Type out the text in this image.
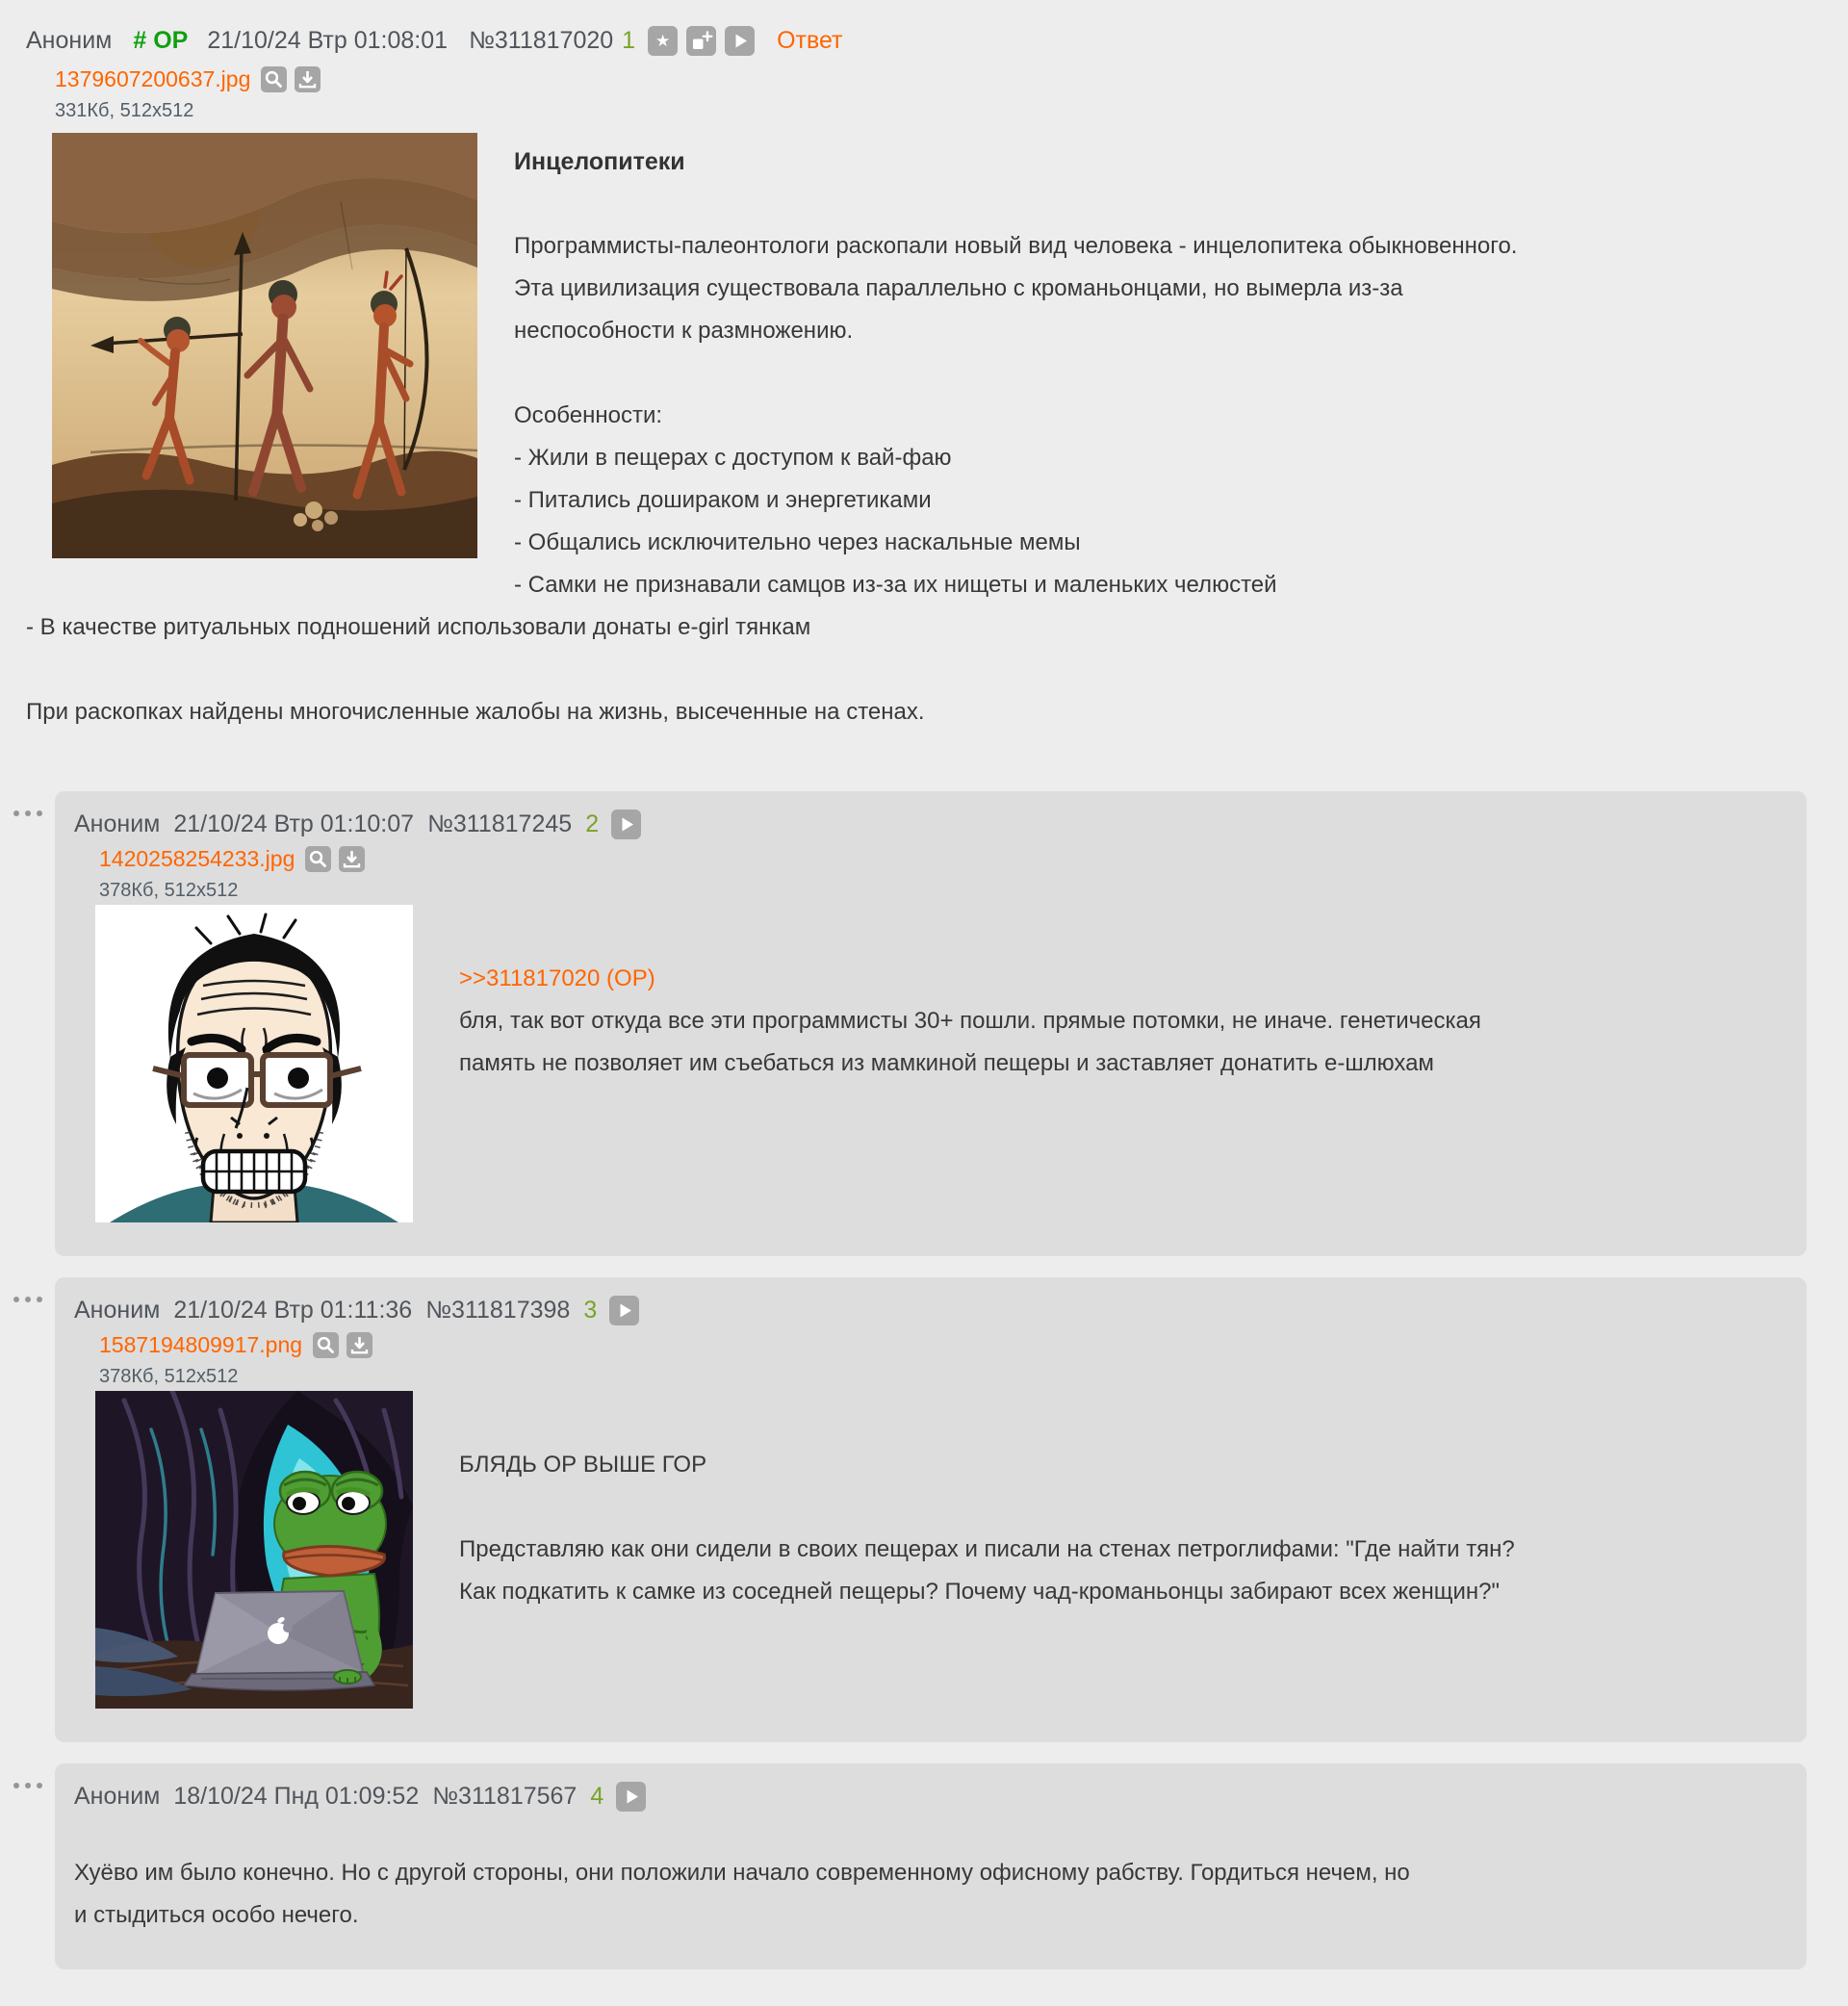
Аноним # OP 21/10/24 Втр 01:08:01 №311817020 1 ★	Ответ
1379607200637.jpg
331Кб, 512x512
Инцелопитеки
Программисты-палеонтологи раскопали новый вид человека - инцелопитека обыкновенного.
Эта цивилизация существовала параллельно с кроманьонцами, но вымерла из-за
неспособности к размножению.
Особенности:
- Жили в пещерах с доступом к вай-фаю
- Питались дошираком и энергетиками
- Общались исключительно через наскальные мемы
- Самки не признавали самцов из-за их нищеты и маленьких челюстей
- В качестве ритуальных подношений использовали донаты e-girl тянкам
При раскопках найдены многочисленные жалобы на жизнь, высеченные на стенах.
Аноним 21/10/24 Втр 01:10:07 №311817245 2
1420258254233.jpg
378Кб, 512x512
>>311817020 (OP)
бля, так вот откуда все эти программисты 30+ пошли. прямые потомки, не иначе. генетическая
память не позволяет им съебаться из мамкиной пещеры и заставляет донатить е-шлюхам
Аноним 21/10/24 Втр 01:11:36 №311817398 3
1587194809917.png
378Кб, 512x512
БЛЯДЬ ОР ВЫШЕ ГОР
Представляю как они сидели в своих пещерах и писали на стенах петроглифами: "Где найти тян?
Как подкатить к самке из соседней пещеры? Почему чад-кроманьонцы забирают всех женщин?"
Аноним 18/10/24 Пнд 01:09:52 №311817567 4
Хуёво им было конечно. Но с другой стороны, они положили начало современному офисному рабству. Гордиться нечем, но
и стыдиться особо нечего.
